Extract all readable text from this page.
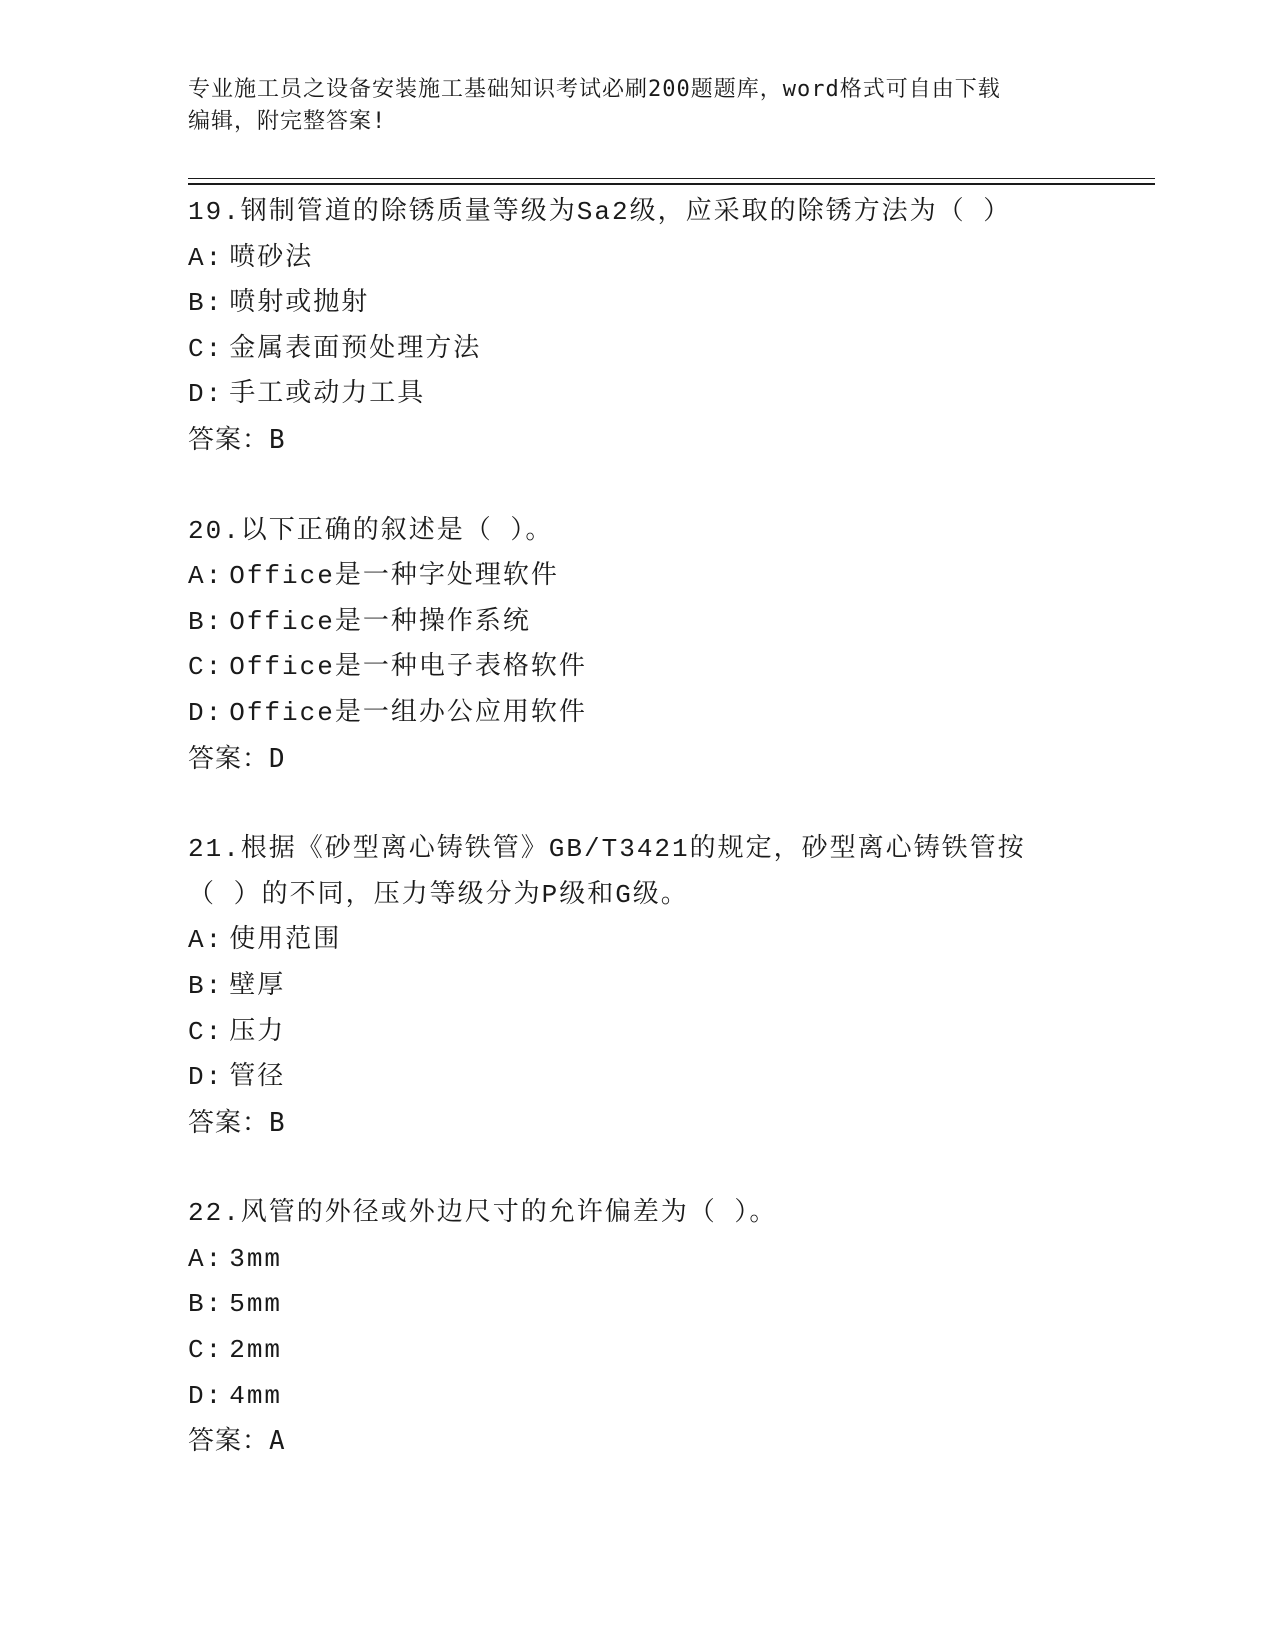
专业施工员之设备安装施工基础知识考试必刷200题题库，word格式可自由下载
编辑，附完整答案!
19.钢制管道的除锈质量等级为Sa2级，应采取的除锈方法为（ ）
A: 喷砂法
B: 喷射或抛射
C: 金属表面预处理方法
D: 手工或动力工具
答案：B
20.以下正确的叙述是（ ）。
A: Office是一种字处理软件
B: Office是一种操作系统
C: Office是一种电子表格软件
D: Office是一组办公应用软件
答案：D
21.根据《砂型离心铸铁管》GB/T3421的规定，砂型离心铸铁管按（ ）的不同，压力等级分为P级和G级。
A: 使用范围
B: 壁厚
C: 压力
D: 管径
答案：B
22.风管的外径或外边尺寸的允许偏差为（ ）。
A: 3mm
B: 5mm
C: 2mm
D: 4mm
答案：A
